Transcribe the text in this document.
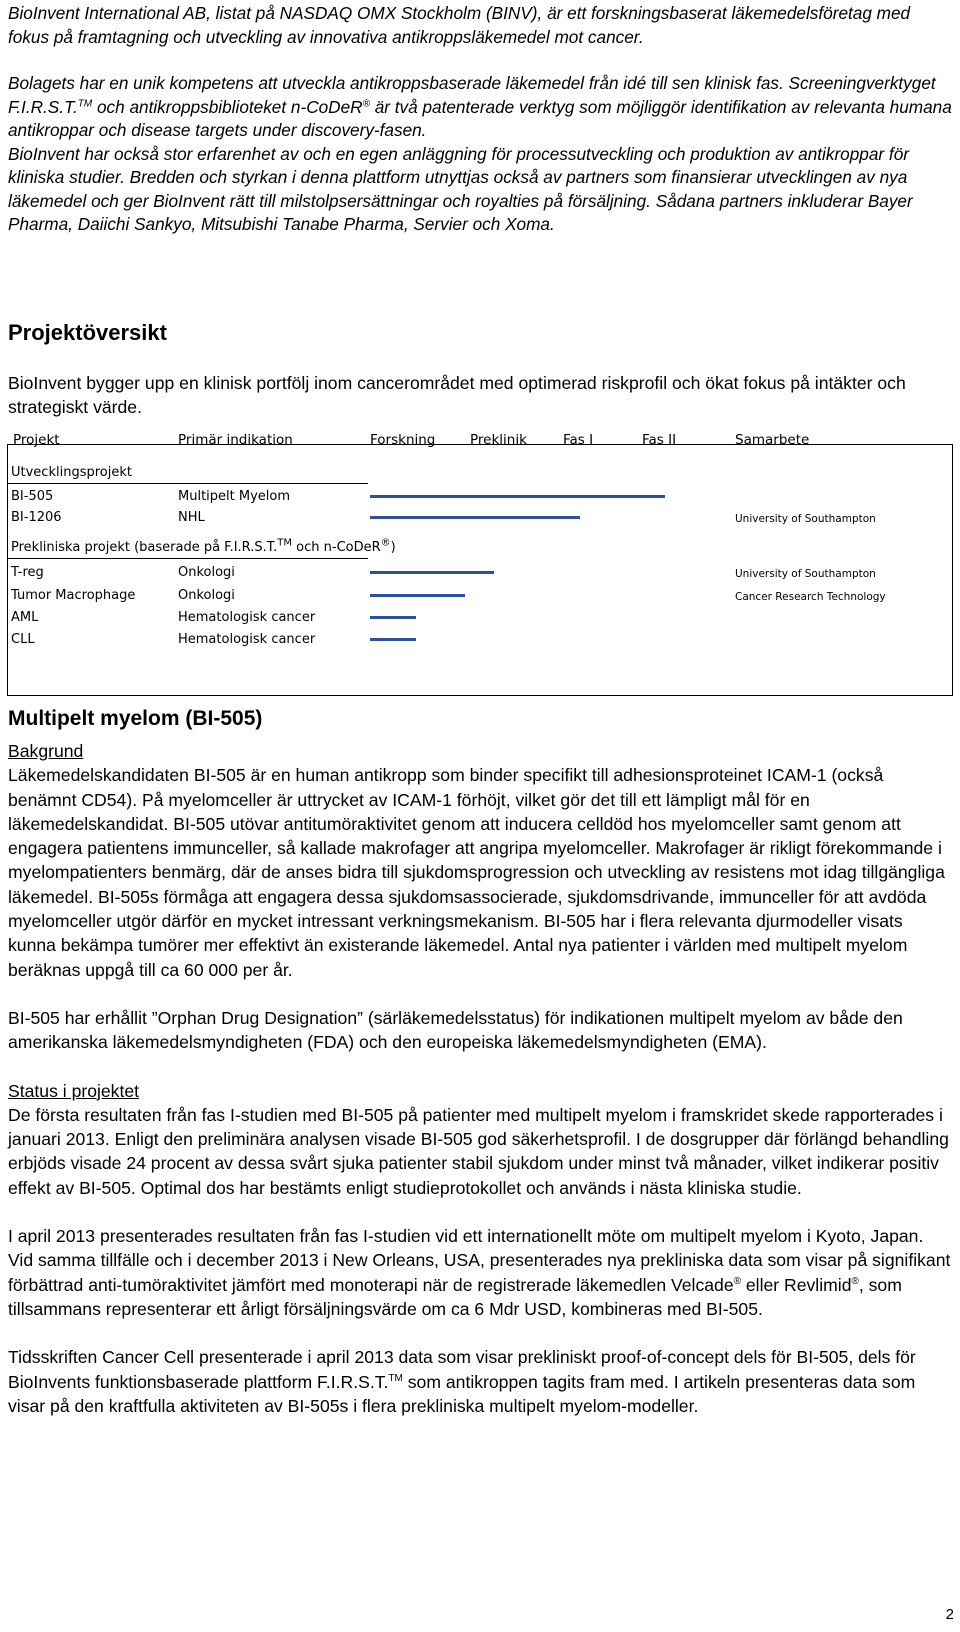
BioInvent International AB, listat på NASDAQ OMX Stockholm (BINV), är ett forskningsbaserat läkemedelsföretag med fokus på framtagning och utveckling av innovativa antikroppsläkemedel mot cancer.

Bolagets har en unik kompetens att utveckla antikroppsbaserade läkemedel från idé till sen klinisk fas. Screeningverktyget F.I.R.S.T.™ och antikroppsbiblioteket n-CoDeR® är två patenterade verktyg som möjliggör identifikation av relevanta humana antikroppar och disease targets under discovery-fasen.

BioInvent har också stor erfarenhet av och en egen anläggning för processutveckling och produktion av antikroppar för kliniska studier. Bredden och styrkan i denna plattform utnyttjas också av partners som finansierar utvecklingen av nya läkemedel och ger BioInvent rätt till milstolpsersättningar och royalties på försäljning. Sådana partners inkluderar Bayer Pharma, Daiichi Sankyo, Mitsubishi Tanabe Pharma, Servier och Xoma.

Projektöversikt
BioInvent bygger upp en klinisk portfölj inom cancerområdet med optimerad riskprofil och ökat fokus på intäkter och strategiskt värde.
Projekt	Primär indikation	Forskning	Preklinik	Fas I	Fas II	Samarbete
Utvecklingsprojekt
BI-505	Multipelt Myelom
BI-1206	NHL	University of Southampton
Prekliniska projekt (baserade på F.I.R.S.T.™ och n-CoDeR®)
T-reg	Onkologi	University of Southampton
Tumor Macrophage	Onkologi	Cancer Research Technology
AML	Hematologisk cancer
CLL	Hematologisk cancer
Multipelt myelom (BI-505)

Bakgrund

Läkemedelskandidaten BI-505 är en human antikropp som binder specifikt till adhesionsproteinet ICAM-1 (också benämnt CD54). På myelomceller är uttrycket av ICAM-1 förhöjt, vilket gör det till ett lämpligt mål för en läkemedelskandidat. BI-505 utövar antitumöraktivitet genom att inducera celldöd hos myelomceller samt genom att engagera patientens immunceller, så kallade makrofager att angripa myelomceller. Makrofager är rikligt förekommande i myelompatienters benmärg, där de anses bidra till sjukdomsprogression och utveckling av resistens mot idag tillgängliga läkemedel. BI-505s förmåga att engagera dessa sjukdomsassocierade, sjukdomsdrivande, immunceller för att avdöda myelomceller utgör därför en mycket intressant verkningsmekanism. BI-505 har i flera relevanta djurmodeller visats kunna bekämpa tumörer mer effektivt än existerande läkemedel. Antal nya patienter i världen med multipelt myelom beräknas uppgå till ca 60 000 per år.

BI-505 har erhållit ”Orphan Drug Designation” (särläkemedelsstatus) för indikationen multipelt myelom av både den amerikanska läkemedelsmyndigheten (FDA) och den europeiska läkemedelsmyndigheten (EMA).

Status i projektet

De första resultaten från fas I-studien med BI-505 på patienter med multipelt myelom i framskridet skede rapporterades i januari 2013. Enligt den preliminära analysen visade BI-505 god säkerhetsprofil. I de dosgrupper där förlängd behandling erbjöds visade 24 procent av dessa svårt sjuka patienter stabil sjukdom under minst två månader, vilket indikerar positiv effekt av BI-505. Optimal dos har bestämts enligt studieprotokollet och används i nästa kliniska studie.

I april 2013 presenterades resultaten från fas I-studien vid ett internationellt möte om multipelt myelom i Kyoto, Japan. Vid samma tillfälle och i december 2013 i New Orleans, USA, presenterades nya prekliniska data som visar på signifikant förbättrad anti-tumöraktivitet jämfört med monoterapi när de registrerade läkemedlen Velcade® eller Revlimid®, som tillsammans representerar ett årligt försäljningsvärde om ca 6 Mdr USD, kombineras med BI-505.

Tidsskriften Cancer Cell presenterade i april 2013 data som visar prekliniskt proof-of-concept dels för BI-505, dels för BioInvents funktionsbaserade plattform F.I.R.S.T.™ som antikroppen tagits fram med. I artikeln presenteras data som visar på den kraftfulla aktiviteten av BI-505s i flera prekliniska multipelt myelom-modeller.

2
